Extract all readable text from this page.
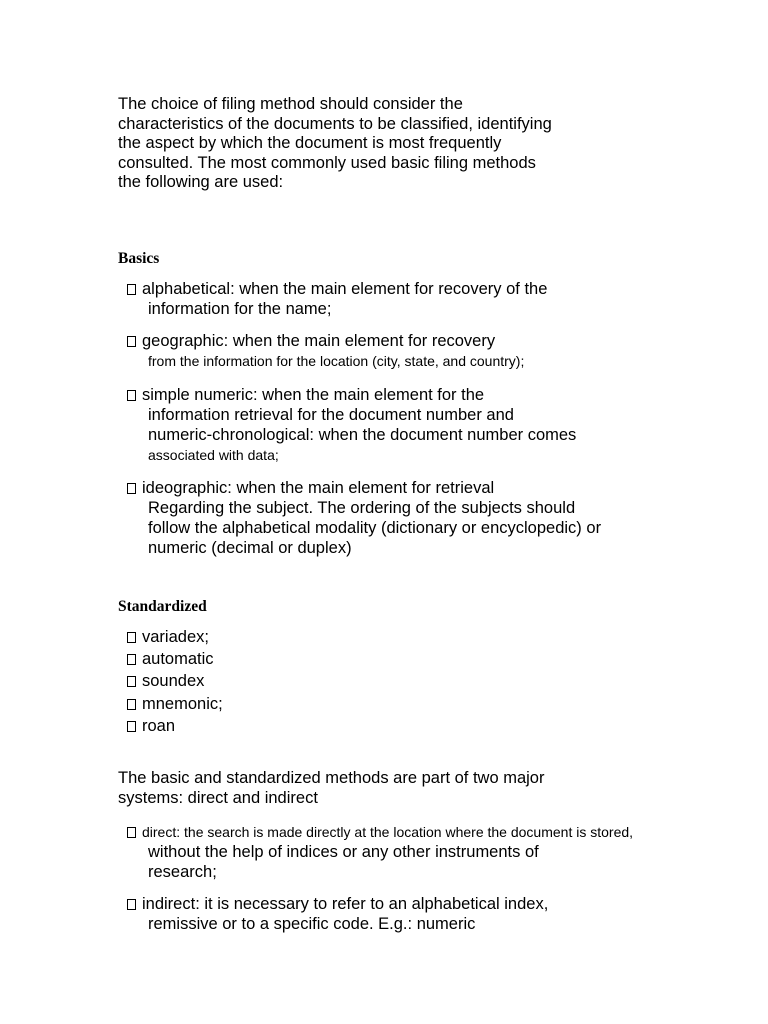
The choice of filing method should consider the
characteristics of the documents to be classified, identifying
the aspect by which the document is most frequently
consulted. The most commonly used basic filing methods
the following are used:
Basics
alphabetical: when the main element for recovery of the
information for the name;
geographic: when the main element for recovery
from the information for the location (city, state, and country);
simple numeric: when the main element for the
information retrieval for the document number and
numeric-chronological: when the document number comes
associated with data;
ideographic: when the main element for retrieval
Regarding the subject. The ordering of the subjects should
follow the alphabetical modality (dictionary or encyclopedic) or
numeric (decimal or duplex)
Standardized
variadex;
automatic
soundex
mnemonic;
roan
The basic and standardized methods are part of two major
systems: direct and indirect
direct: the search is made directly at the location where the document is stored,
without the help of indices or any other instruments of
research;
indirect: it is necessary to refer to an alphabetical index,
remissive or to a specific code. E.g.: numeric
